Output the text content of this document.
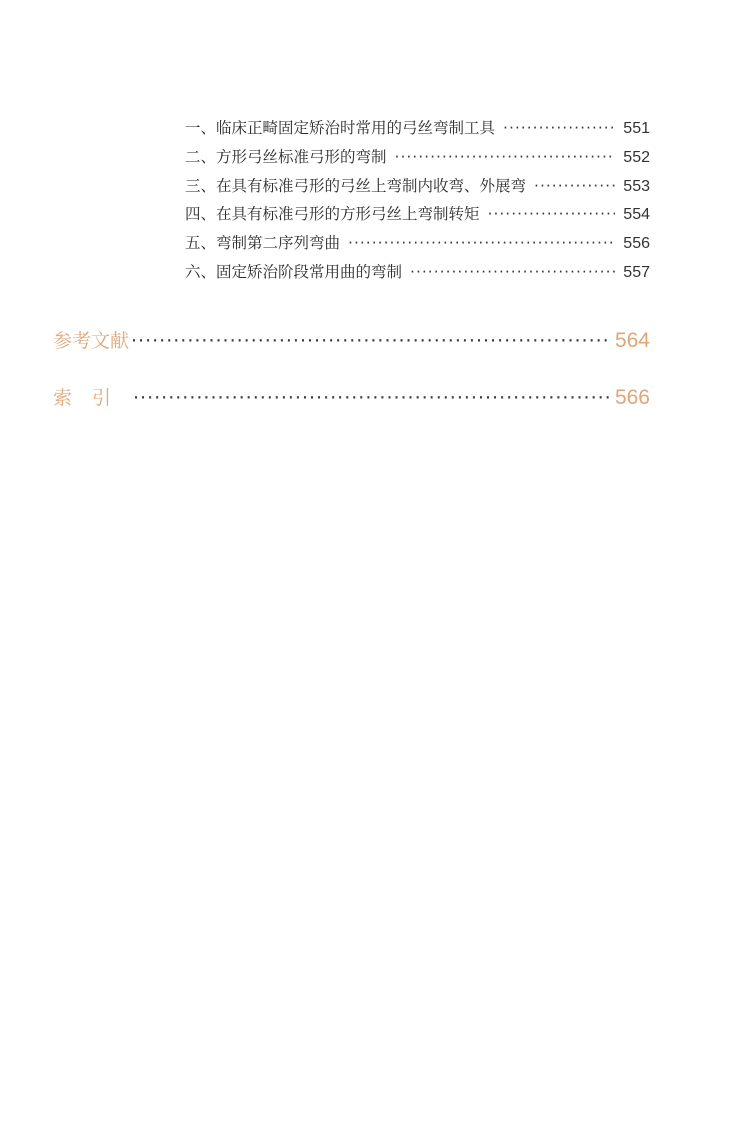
一、临床正畸固定矫治时常用的弓丝弯制工具 ·····	551
二、方形弓丝标准弓形的弯制 ·····	552
三、在具有标准弓形的弓丝上弯制内收弯、外展弯 ·····	553
四、在具有标准弓形的方形弓丝上弯制转矩 ·····	554
五、弯制第二序列弯曲 ·····	556
六、固定矫治阶段常用曲的弯制 ·····	557
参考文献 ·····	564
索引 ·····	566
